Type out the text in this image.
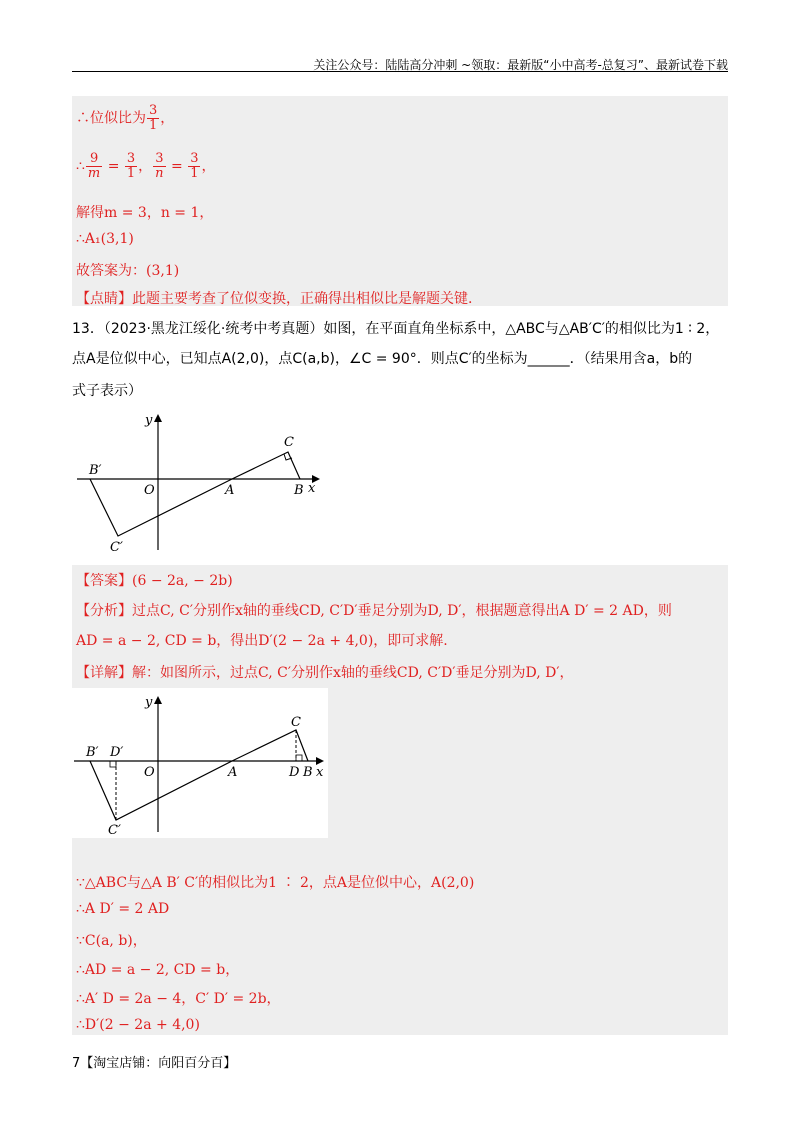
关注公众号：陆陆高分冲刺 ~领取：最新版“小中高考-总复习”、最新试卷下载
∴位似比为 $\frac{3}{1}$ ，
∴ $\frac{9}{m} = \frac{3}{1}$ ， $\frac{3}{n} = \frac{3}{1}$ ，
解得m = 3，n = 1，
∴A₁(3,1)
故答案为：(3,1)
【点睛】此题主要考查了位似变换，正确得出相似比是解题关键.
13．（2023·黑龙江绥化·统考中考真题）如图，在平面直角坐标系中，△ABC与△AB′C′的相似比为1 ∶ 2，
点A是位似中心，已知点A(2,0)，点C(a,b)，∠C = 90°．则点C′的坐标为______．（结果用含a，b的
式子表示）
y
x
O	A	B
C
B′
C′
【答案】(6 − 2a, − 2b)
【分析】过点C, C′分别作x轴的垂线CD, C′D′垂足分别为D, D′，根据题意得出A D′ = 2 AD，则
AD = a − 2, CD = b，得出D′(2 − 2a + 4,0)，即可求解.
【详解】解：如图所示，过点C, C′分别作x轴的垂线CD, C′D′垂足分别为D, D′，
y
x
O	A	D B
C
B′ D′
C′
∵△ABC与△A B′ C′的相似比为1 ∶ 2，点A是位似中心，A(2,0)
∴A D′ = 2 AD
∵C(a, b)，
∴AD = a − 2, CD = b，
∴A′ D = 2a − 4，C′ D′ = 2b，
∴D′(2 − 2a + 4,0)
7【淘宝店铺：向阳百分百】
